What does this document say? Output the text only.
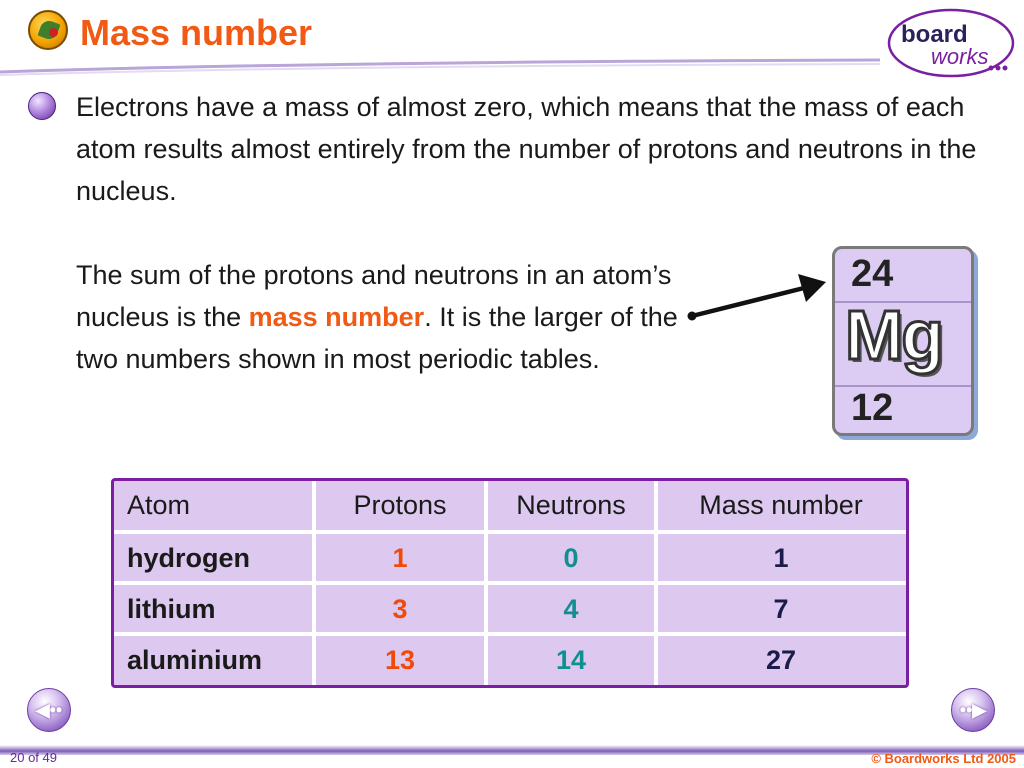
Mass number	board
works
Electrons have a mass of almost zero, which means that the mass of each atom results almost entirely from the number of protons and neutrons in the nucleus.
The sum of the protons and neutrons in an atom’s nucleus is the mass number. It is the larger of the two numbers shown in most periodic tables.
24
Mg
12
Atom	Protons	Neutrons	Mass number
hydrogen	1	0	1
lithium	3	4	7
aluminium	13	14	27
◀••	••▶
20 of 49	© Boardworks Ltd 2005
